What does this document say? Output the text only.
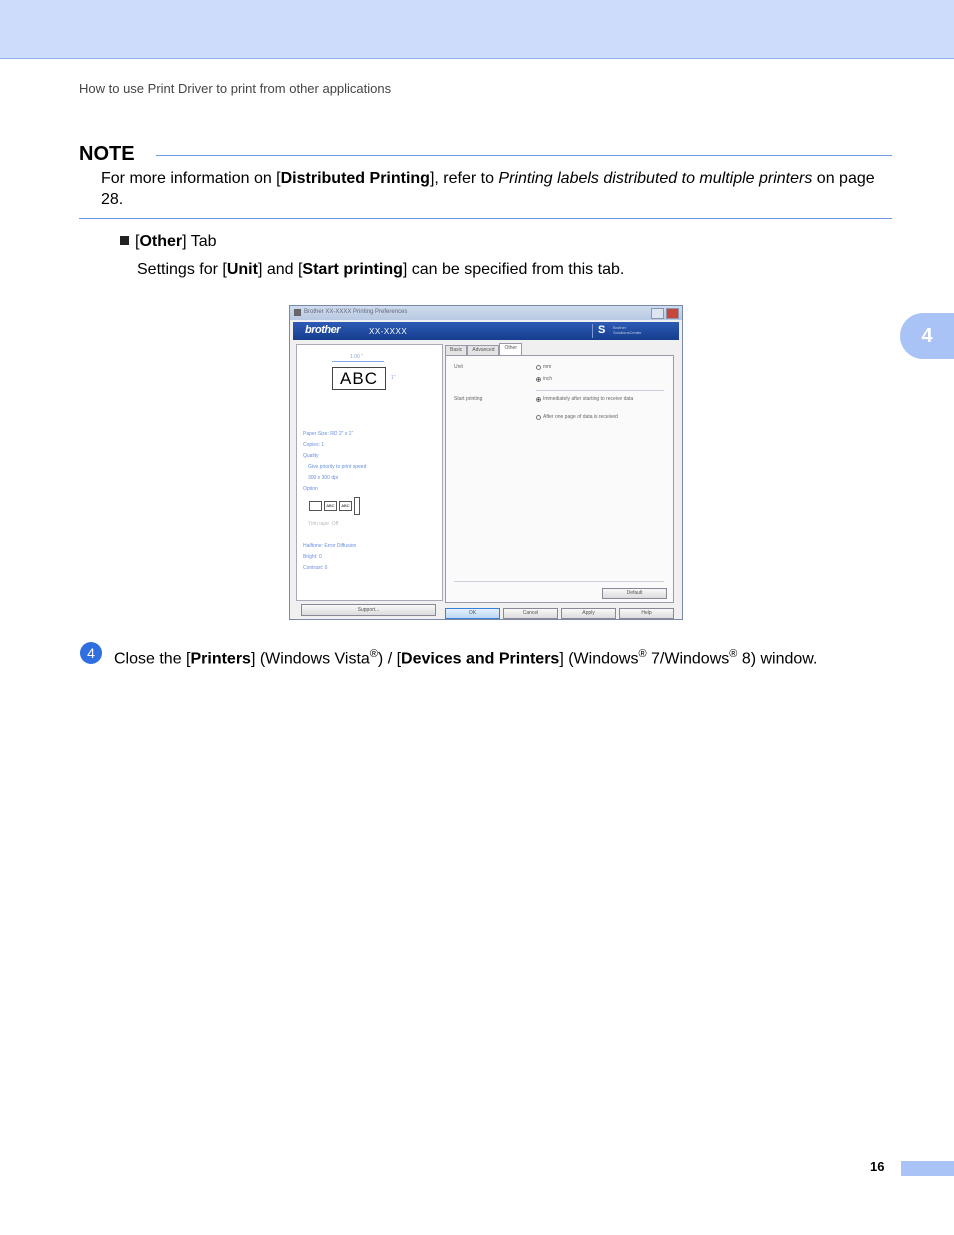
How to use Print Driver to print from other applications
NOTE
For more information on [Distributed Printing], refer to Printing labels distributed to multiple printers on page 28.
[Other] Tab
Settings for [Unit] and [Start printing] can be specified from this tab.
4
Brother XX-XXXX Printing Preferences
brother	XX-XXXX	S Brother
SolutionsCenter
1.00 "
ABC	1"
Paper Size: RD 2" x 1"
Copies: 1
Quality
Give priority to print speed
300 x 300 dpi
Option
ABC	ABC
Trim tape: Off

Halftone: Error Diffusion
Bright: 0
Contrast: 0
Support...
Basic	Advanced	Other
Unit	mm
inch
Start printing	Immediately after starting to receive data
After one page of data is received
Default
OK	Cancel	Apply	Help
4	Close the [Printers] (Windows Vista®) / [Devices and Printers] (Windows® 7/Windows® 8) window.
16
